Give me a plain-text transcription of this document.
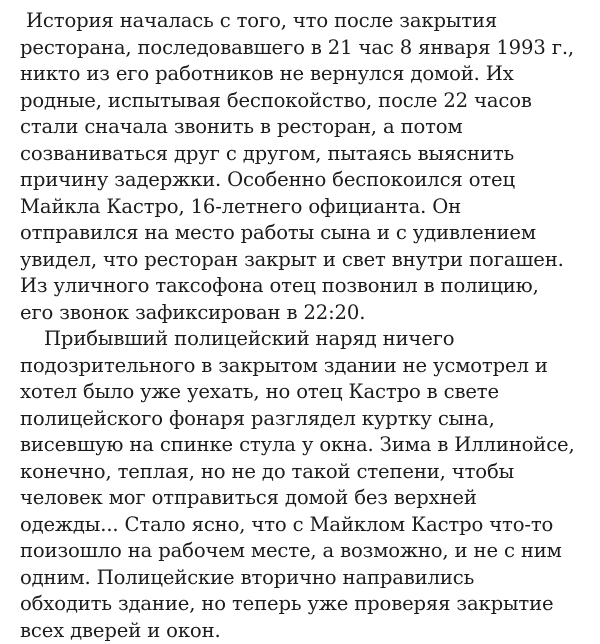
История началась с того, что после закрытия
ресторана, последовавшего в 21 час 8 января 1993 г.,
никто из его работников не вернулся домой. Их
родные, испытывая беспокойство, после 22 часов
стали сначала звонить в ресторан, а потом
созваниваться друг с другом, пытаясь выяснить
причину задержки. Особенно беспокоился отец
Майкла Кастро, 16-летнего официанта. Он
отправился на место работы сына и с удивлением
увидел, что ресторан закрыт и свет внутри погашен.
Из уличного таксофона отец позвонил в полицию,
его звонок зафиксирован в 22:20.
Прибывший полицейский наряд ничего
подозрительного в закрытом здании не усмотрел и
хотел было уже уехать, но отец Кастро в свете
полицейского фонаря разглядел куртку сына,
висевшую на спинке стула у окна. Зима в Иллинойсе,
конечно, теплая, но не до такой степени, чтобы
человек мог отправиться домой без верхней
одежды... Стало ясно, что с Майклом Кастро что-то
поизошло на рабочем месте, а возможно, и не с ним
одним. Полицейские вторично направились
обходить здание, но теперь уже проверяя закрытие
всех дверей и окон.
